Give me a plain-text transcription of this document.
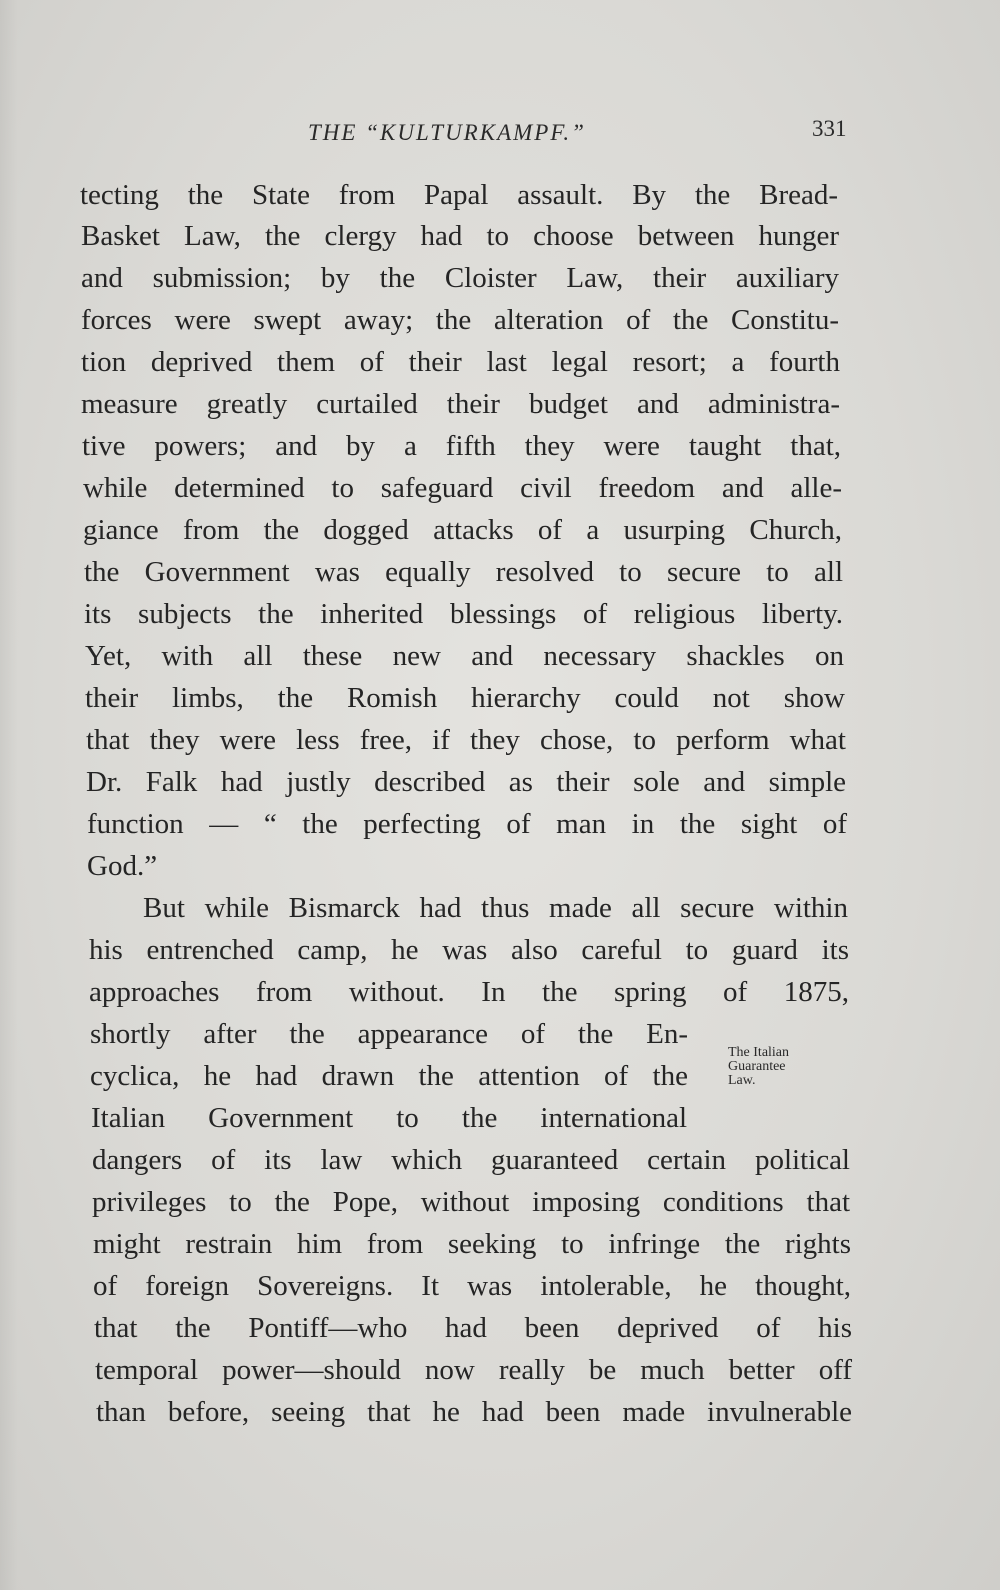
THE “KULTURKAMPF.”	331
tecting the State from Papal assault. By the Bread-
Basket Law, the clergy had to choose between hunger
and submission; by the Cloister Law, their auxiliary
forces were swept away; the alteration of the Constitu-
tion deprived them of their last legal resort; a fourth
measure greatly curtailed their budget and administra-
tive powers; and by a fifth they were taught that,
while determined to safeguard civil freedom and alle-
giance from the dogged attacks of a usurping Church,
the Government was equally resolved to secure to all
its subjects the inherited blessings of religious liberty.
Yet, with all these new and necessary shackles on
their limbs, the Romish hierarchy could not show
that they were less free, if they chose, to perform what
Dr. Falk had justly described as their sole and simple
function — “ the perfecting of man in the sight of
God.”
But while Bismarck had thus made all secure within
his entrenched camp, he was also careful to guard its
approaches from without. In the spring of 1875,
shortly after the appearance of the En-
cyclica, he had drawn the attention of the
Italian Government to the international
dangers of its law which guaranteed certain political
privileges to the Pope, without imposing conditions that
might restrain him from seeking to infringe the rights
of foreign Sovereigns. It was intolerable, he thought,
that the Pontiff—who had been deprived of his
temporal power—should now really be much better off
than before, seeing that he had been made invulnerable
The Italian
Guarantee
Law.
